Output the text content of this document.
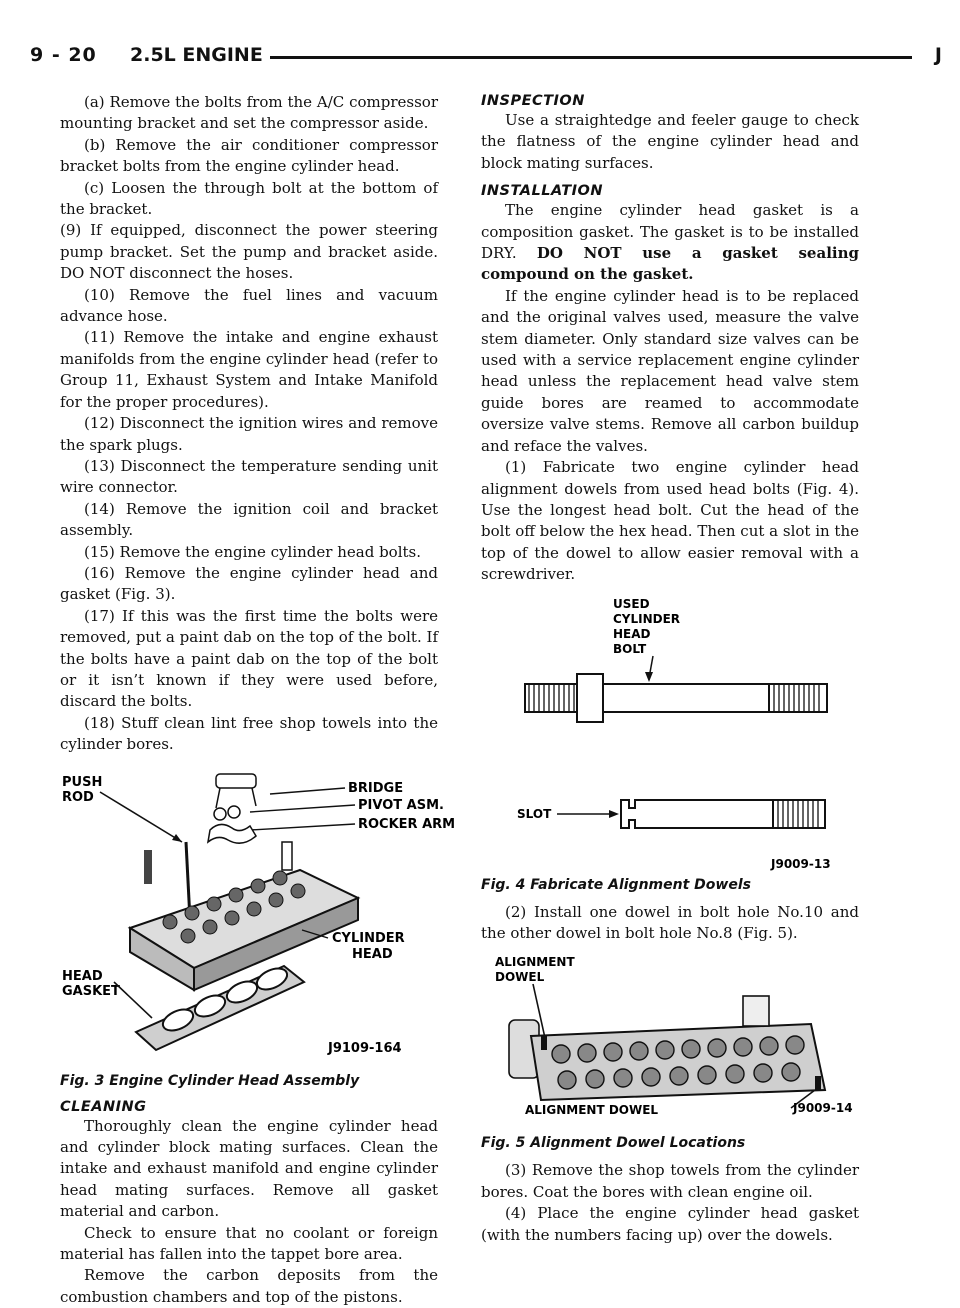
9 - 20 2.5L ENGINE	J

(a) Remove the bolts from the A/C compressor mounting bracket and set the compressor aside.

(b) Remove the air conditioner compressor bracket bolts from the engine cylinder head.

(c) Loosen the through bolt at the bottom of the bracket.

(9) If equipped, disconnect the power steering pump bracket. Set the pump and bracket aside. DO NOT disconnect the hoses.

(10) Remove the fuel lines and vacuum advance hose.

(11) Remove the intake and engine exhaust manifolds from the engine cylinder head (refer to Group 11, Exhaust System and Intake Manifold for the proper procedures).

(12) Disconnect the ignition wires and remove the spark plugs.

(13) Disconnect the temperature sending unit wire connector.

(14) Remove the ignition coil and bracket assembly.

(15) Remove the engine cylinder head bolts.

(16) Remove the engine cylinder head and gasket (Fig. 3).

(17) If this was the first time the bolts were removed, put a paint dab on the top of the bolt. If the bolts have a paint dab on the top of the bolt or it isn’t known if they were used before, discard the bolts.

(18) Stuff clean lint free shop towels into the cylinder bores.

PUSH
ROD
BRIDGE
PIVOT ASM.
ROCKER ARM
CYLINDER
HEAD
HEAD
GASKET
J9109-164
Fig. 3 Engine Cylinder Head Assembly
CLEANING

Thoroughly clean the engine cylinder head and cylinder block mating surfaces. Clean the intake and exhaust manifold and engine cylinder head mating surfaces. Remove all gasket material and carbon.

Check to ensure that no coolant or foreign material has fallen into the tappet bore area.

Remove the carbon deposits from the combustion chambers and top of the pistons.

INSPECTION

Use a straightedge and feeler gauge to check the flatness of the engine cylinder head and block mating surfaces.

INSTALLATION

The engine cylinder head gasket is a composition gasket. The gasket is to be installed DRY. DO NOT use a gasket sealing compound on the gasket.

If the engine cylinder head is to be replaced and the original valves used, measure the valve stem diameter. Only standard size valves can be used with a service replacement engine cylinder head unless the replacement head valve stem guide bores are reamed to accommodate oversize valve stems. Remove all carbon buildup and reface the valves.

(1) Fabricate two engine cylinder head alignment dowels from used head bolts (Fig. 4). Use the longest head bolt. Cut the head of the bolt off below the hex head. Then cut a slot in the top of the dowel to allow easier removal with a screwdriver.

USED
CYLINDER
HEAD
BOLT
SLOT
J9009-13
Fig. 4 Fabricate Alignment Dowels

(2) Install one dowel in bolt hole No.10 and the other dowel in bolt hole No.8 (Fig. 5).

ALIGNMENT
DOWEL
ALIGNMENT DOWEL	J9009-14
Fig. 5 Alignment Dowel Locations

(3) Remove the shop towels from the cylinder bores. Coat the bores with clean engine oil.

(4) Place the engine cylinder head gasket (with the numbers facing up) over the dowels.
